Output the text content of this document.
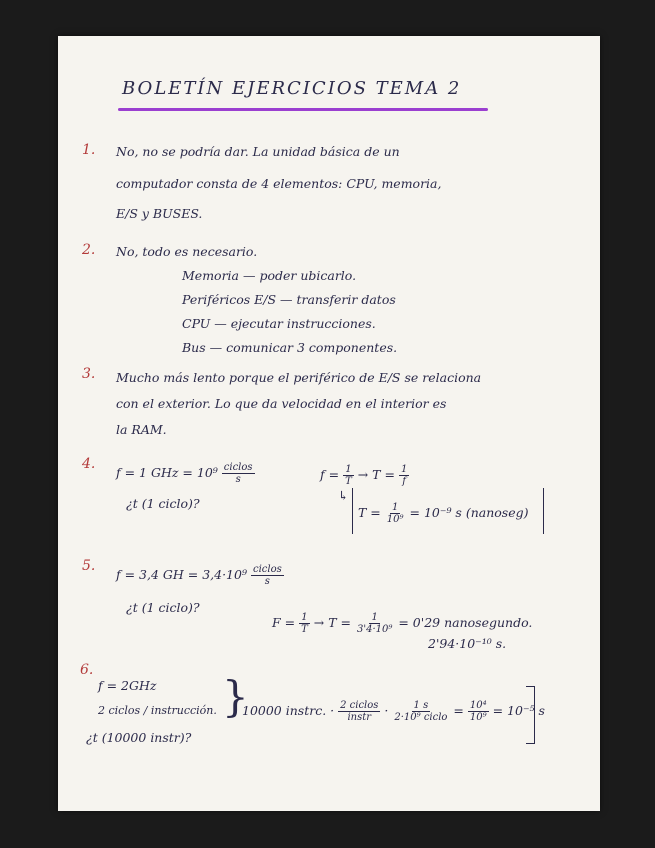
BOLETÍN EJERCICIOS TEMA 2
1. No, no se podría dar. La unidad básica de un
computador consta de 4 elementos: CPU, memoria,
E/S y BUSES.
2. No, todo es necesario.
Memoria — poder ubicarlo.
Periféricos E/S — transferir datos
CPU — ejecutar instrucciones.
Bus — comunicar 3 componentes.
3. Mucho más lento porque el periférico de E/S se relaciona
con el exterior. Lo que da velocidad en el interior es
la RAM.
4.
f = 1 GHz = $10^9 \frac{\text{ciclos}}{s}$
¿t (1 ciclo)?
$f = \frac{1}{T} \to T = \frac{1}{f}$
↳
$T = \frac{1}{\text{10⁹}} = 10^{-9}$ s (nanoseg)
5.
f = 3,4 GH = $3,4\cdot 10^9 \frac{\text{ciclos}}{s}$
¿t (1 ciclo)?
$F = \frac{1}{T} \to T = \frac{1}{\text{3'4·10⁹}} = 0'29$ nanosegundo.
2'94·10⁻¹⁰ s.
6.
f = 2GHz
2 ciclos / instrucción.
¿t (10000 instr)?
}
10000 instrc. · $\frac{\text{2 ciclos}}{\text{instr}} \cdot \frac{1 s}{\text{2·10⁹ ciclo}} = \frac{\text{10⁴}}{\text{10⁹}} = 10^{-5}$ s
